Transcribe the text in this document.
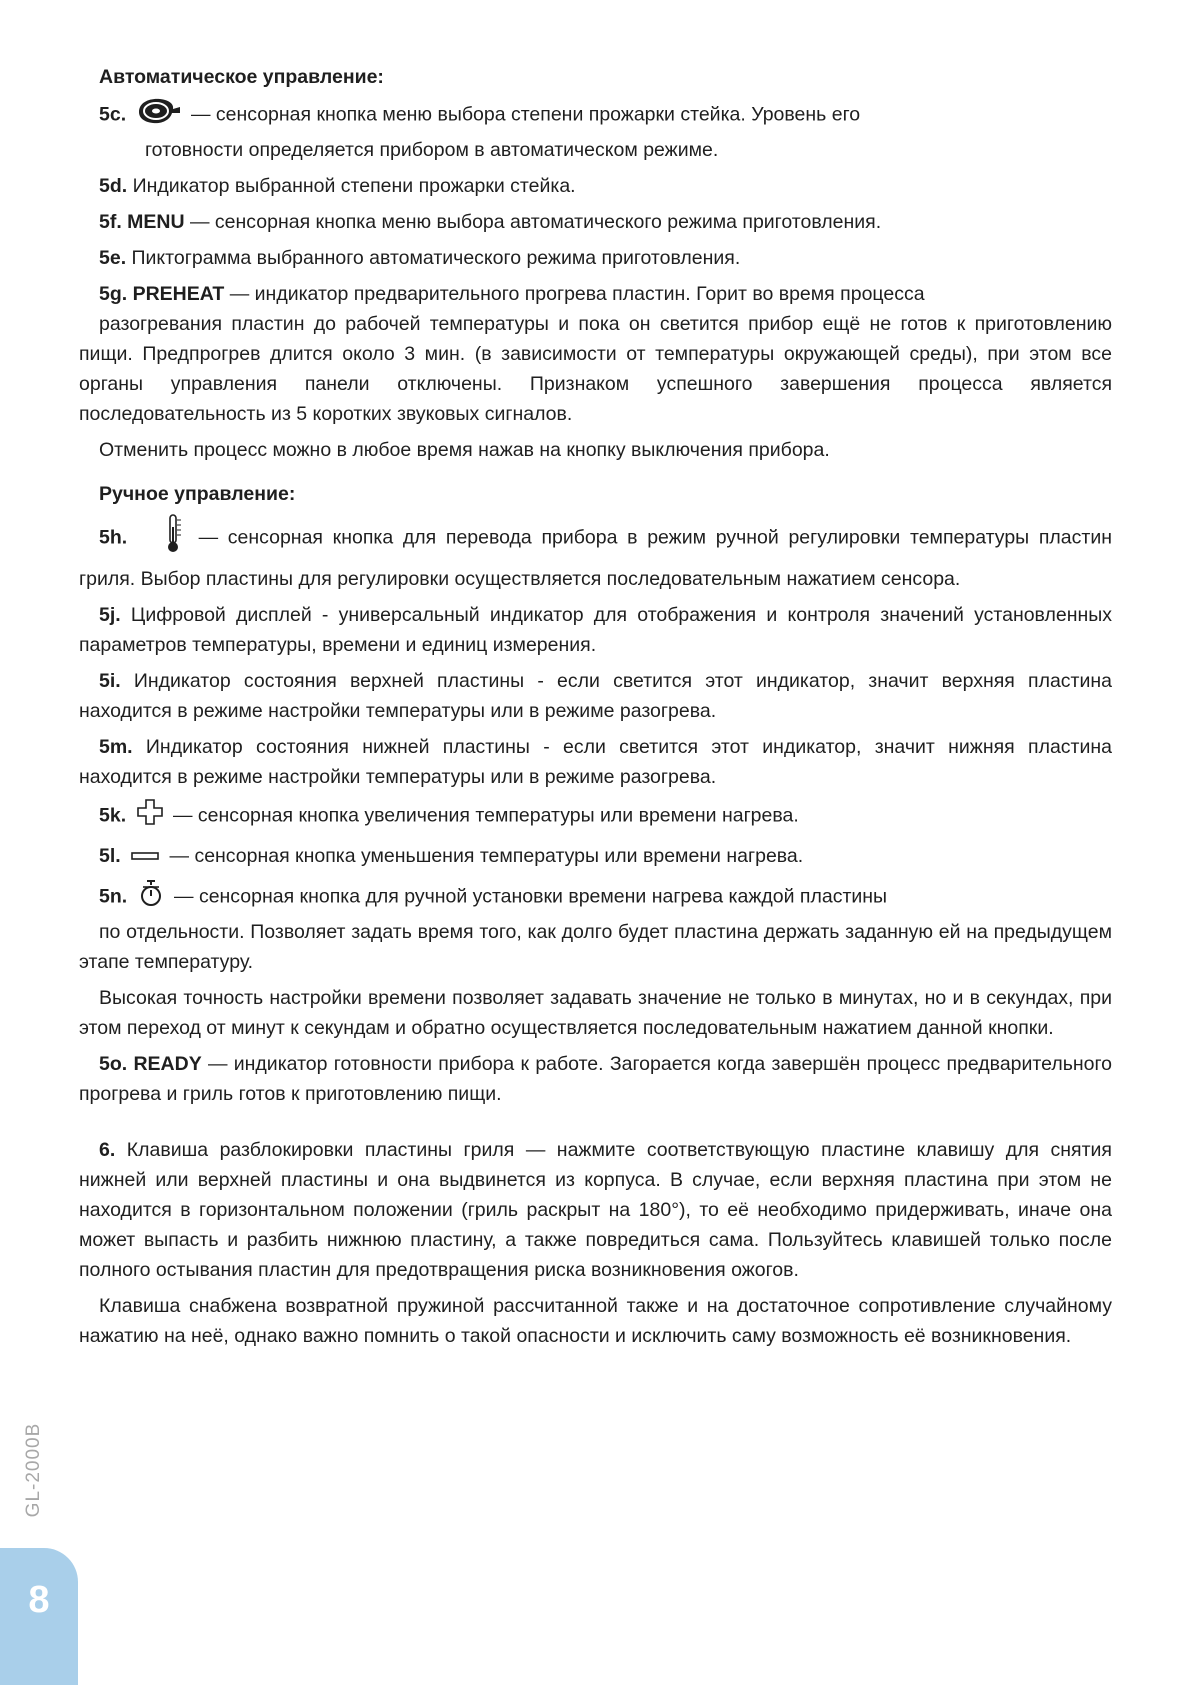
Автоматическое управление:
5c.	— сенсорная кнопка меню выбора степени прожарки стейка. Уровень его
готовности определяется прибором в автоматическом режиме.
5d. Индикатор выбранной степени прожарки стейка.
5f. MENU — сенсорная кнопка меню выбора автоматического режима приготовления.
5e. Пиктограмма выбранного автоматического режима приготовления.
5g. PREHEAT — индикатор предварительного прогрева пластин. Горит во время процесса
разогревания пластин до рабочей температуры и пока он светится прибор ещё не готов к приготовлению пищи. Предпрогрев длится около 3 мин. (в зависимости от температуры окружающей среды), при этом все органы управления панели отключены. Признаком успешного завершения процесса является последовательность из 5 коротких звуковых сигналов.
Отменить процесс можно в любое время нажав на кнопку выключения прибора.
Ручное управление:
5h.	— сенсорная кнопка для перевода прибора в режим ручной регулировки температуры пластин гриля. Выбор пластины для регулировки осуществляется последовательным нажатием сенсора.
5j. Цифровой дисплей - универсальный индикатор для отображения и контроля значений установленных параметров температуры, времени и единиц измерения.
5i. Индикатор состояния верхней пластины - если светится этот индикатор, значит верхняя пластина находится в режиме настройки температуры или в режиме разогрева.
5m. Индикатор состояния нижней пластины - если светится этот индикатор, значит нижняя пластина находится в режиме настройки температуры или в режиме разогрева.
5k.  — сенсорная кнопка увеличения температуры или времени нагрева.
5l.  — сенсорная кнопка уменьшения температуры или времени нагрева.
5n.  — сенсорная кнопка для ручной установки времени нагрева каждой пластины
по отдельности. Позволяет задать время того, как долго будет пластина держать заданную ей на предыдущем этапе температуру.
Высокая точность настройки времени позволяет задавать значение не только в минутах, но и в секундах, при этом переход от минут к секундам и обратно осуществляется последовательным нажатием данной кнопки.
5o. READY — индикатор готовности прибора к работе. Загорается когда завершён процесс предварительного прогрева и гриль готов к приготовлению пищи.
6. Клавиша разблокировки пластины гриля — нажмите соответствующую пластине клавишу для снятия нижней или верхней пластины и она выдвинется из корпуса. В случае, если верхняя пластина при этом не находится в горизонтальном положении (гриль раскрыт на 180°), то её необходимо придерживать, иначе она может выпасть и разбить нижнюю пластину, а также повредиться сама. Пользуйтесь клавишей только после полного остывания пластин для предотвращения риска возникновения ожогов.
Клавиша снабжена возвратной пружиной рассчитанной также и на достаточное сопротивление случайному нажатию на неё, однако важно помнить о такой опасности и исключить саму возможность её возникновения.
GL-2000B
8
